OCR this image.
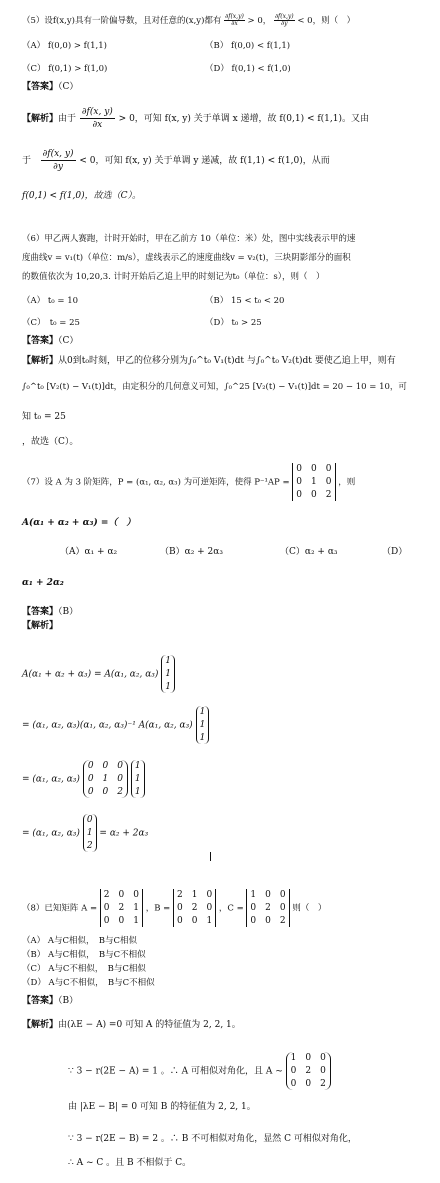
（5）设f(x,y)具有一阶偏导数，且对任意的(x,y)都有 $\frac{\partial f(x,y)}{\partial x} > 0$， $\frac{\partial f(x,y)}{\partial y} < 0$，则（　）
（A） f(0,0) > f(1,1)	（B） f(0,0) < f(1,1)
（C） f(0,1) > f(1,0)	（D） f(0,1) < f(1,0)
【答案】（C）
【解析】由于 $\frac{\partial f(x, y)}{\partial x} > 0$，可知 f(x, y) 关于单调 x 递增，故 f(0,1) < f(1,1)。又由
于 $\frac{\partial f(x, y)}{\partial y} < 0$，可知 f(x, y) 关于单调 y 递减，故 f(1,1) < f(1,0)，从而
f(0,1) < f(1,0)，故选（C）。
（6）甲乙两人赛跑，计时开始时，甲在乙前方 10（单位：米）处，图中实线表示甲的速
度曲线v = v₁(t)（单位：m/s），虚线表示乙的速度曲线v = v₂(t)，三块阴影部分的面积
的数值依次为 10,20,3. 计时开始后乙追上甲的时刻记为t₀（单位：s），则（　）
（A） t₀ = 10	（B） 15 < t₀ < 20
（C）　t₀ = 25	（D） t₀ > 25
【答案】（C）
【解析】从0到t₀时刻，甲乙的位移分别为∫₀^t₀ V₁(t)dt 与∫₀^t₀ V₂(t)dt 要使乙追上甲，则有
∫₀^t₀ [V₂(t) − V₁(t)]dt，由定积分的几何意义可知，∫₀^25 [V₂(t) − V₁(t)]dt = 20 − 10 = 10，可
知 t₀ = 25
，故选（C）。
（7）设 A 为 3 阶矩阵，P = (α₁, α₂, α₃) 为可逆矩阵，使得 P⁻¹AP =
0 0 0
0 1 0
0 0 2
，则
A(α₁ + α₂ + α₃) =（　）
（A）α₁ + α₂	（B）α₂ + 2α₃	（C）α₂ + α₃	（D）
α₁ + 2α₂
【答案】（B）
【解析】
A(α₁ + α₂ + α₃) = A(α₁, α₂, α₃)
1
1
1
= (α₁, α₂, α₃)(α₁, α₂, α₃)⁻¹ A(α₁, α₂, α₃)
1
1
1
= (α₁, α₂, α₃)
0 0 0
0 1 0
0 0 2

1
1
1
= (α₁, α₂, α₃)
0
1
2
= α₂ + 2α₃
（8）已知矩阵 A =
2 0 0
0 2 1
0 0 1
，B =
2 1 0
0 2 0
0 0 1
，C =
1 0 0
0 2 0
0 0 2
则（　）
（A） A与C相似，　B与C相似
（B） A与C相似，　B与C不相似
（C） A与C不相似，　B与C相似
（D） A与C不相似，　B与C不相似
【答案】（B）
【解析】由(λE − A) =0 可知 A 的特征值为 2, 2, 1。
∵ 3 − r(2E − A) = 1 。∴ A 可相似对角化，且 A ~
1 0 0
0 2 0
0 0 2
由 |λE − B| = 0 可知 B 的特征值为 2, 2, 1。
∵ 3 − r(2E − B) = 2 。∴ B 不可相似对角化，显然 C 可相似对角化，
∴ A ~ C 。且 B 不相似于 C。
